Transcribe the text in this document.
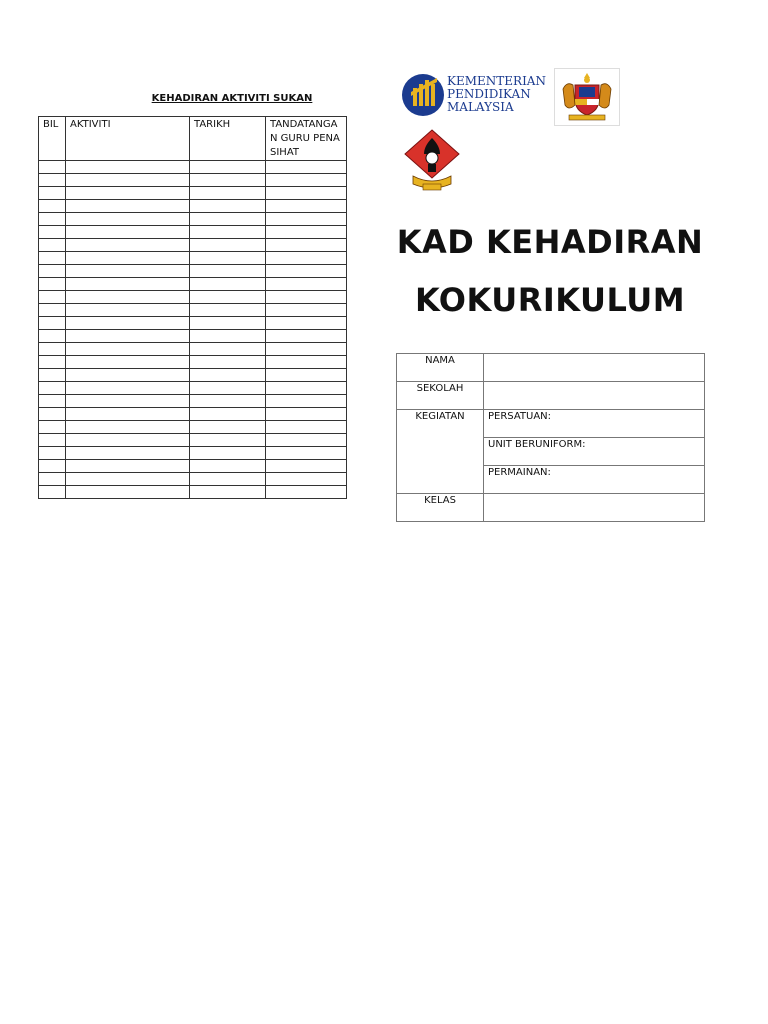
KEHADIRAN AKTIVITI SUKAN
BIL	AKTIVITI	TARIKH	TANDATANGAN GURU PENASIHAT

KEMENTERIAN
PENDIDIKAN
MALAYSIA
KAD KEHADIRAN
KOKURIKULUM
NAMA	
SEKOLAH	
KEGIATAN	PERSATUAN:
	UNIT BERUNIFORM:
	PERMAINAN:
KELAS	
